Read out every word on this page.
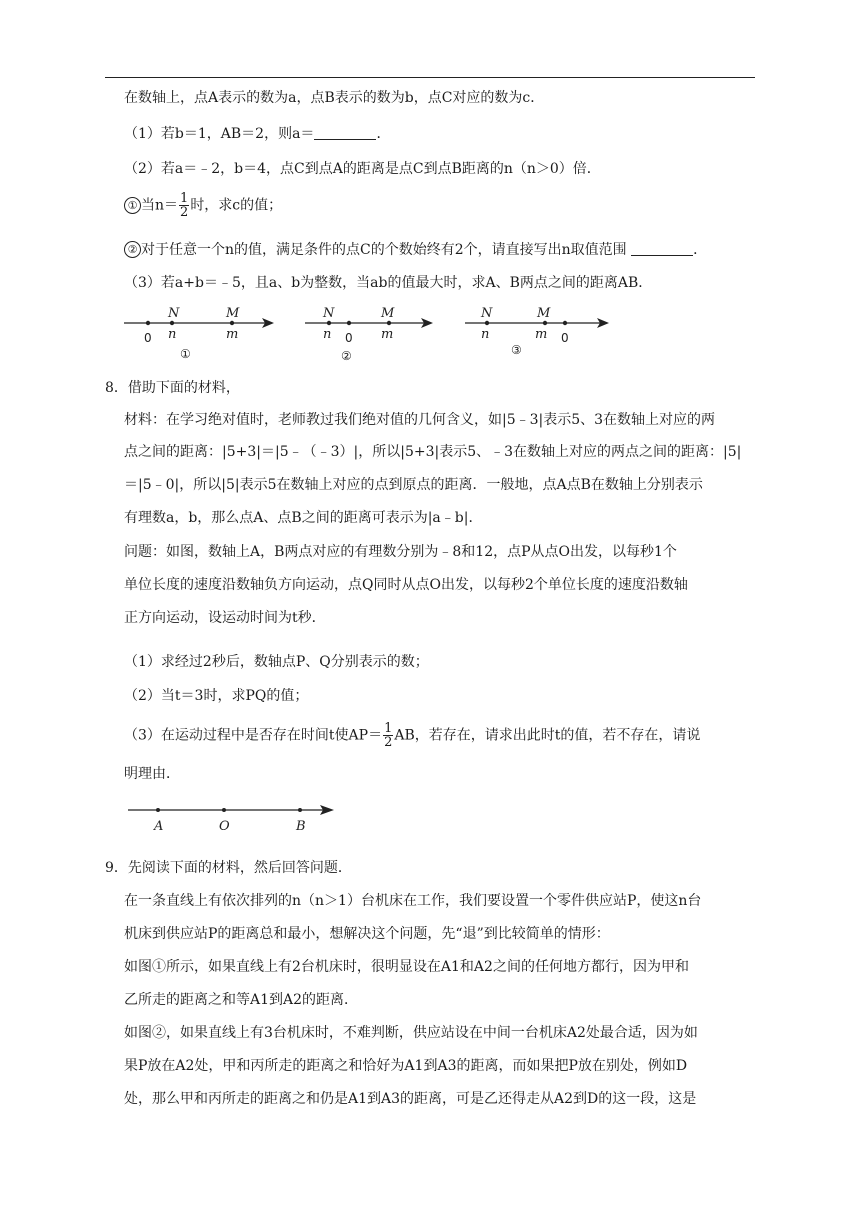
在数轴上，点A表示的数为a，点B表示的数为b，点C对应的数为c．
（1）若b＝1，AB＝2，则a＝	．
（2）若a＝﹣2，b＝4，点C到点A的距离是点C到点B距离的n（n＞0）倍．
① 当$n= \frac{1}{2}$ 时，求c的值；
② 对于任意一个n的值，满足条件的点C的个数始终有2个，请直接写出n取值范围	．
（3）若a+b＝﹣5，且a、b为整数，当ab的值最大时，求A、B两点之间的距离AB．
N	M
0 n	m
①
N	M
n 0 m
②
N	M
n	m 0
③
8．借助下面的材料，
材料：在学习绝对值时，老师教过我们绝对值的几何含义，如|5﹣3|表示5、3在数轴上对应的两
点之间的距离：|5+3|＝|5﹣（﹣3）|，所以|5+3|表示5、﹣3在数轴上对应的两点之间的距离：|5|
＝|5﹣0|，所以|5|表示5在数轴上对应的点到原点的距离．一般地，点A点B在数轴上分别表示
有理数a，b，那么点A、点B之间的距离可表示为|a﹣b|．
问题：如图，数轴上A，B两点对应的有理数分别为﹣8和12，点P从点O出发，以每秒1个
单位长度的速度沿数轴负方向运动，点Q同时从点O出发，以每秒2个单位长度的速度沿数轴
正方向运动，设运动时间为t秒．
（1）求经过2秒后，数轴点P、Q分别表示的数；
（2）当t＝3时，求PQ的值；
（3）在运动过程中是否存在时间t使$AP= \frac{1}{2}$ AB，若存在，请求出此时t的值，若不存在，请说
明理由．
A	O	B
9．先阅读下面的材料，然后回答问题．
在一条直线上有依次排列的n（n＞1）台机床在工作，我们要设置一个零件供应站P，使这n台
机床到供应站P的距离总和最小，想解决这个问题，先“退”到比较简单的情形：
如图①所示，如果直线上有2台机床时，很明显设在A1和A2之间的任何地方都行，因为甲和
乙所走的距离之和等A1到A2的距离．
如图②，如果直线上有3台机床时，不难判断，供应站设在中间一台机床A2处最合适，因为如
果P放在A2处，甲和丙所走的距离之和恰好为A1到A3的距离，而如果把P放在别处，例如D
处，那么甲和丙所走的距离之和仍是A1到A3的距离，可是乙还得走从A2到D的这一段，这是
